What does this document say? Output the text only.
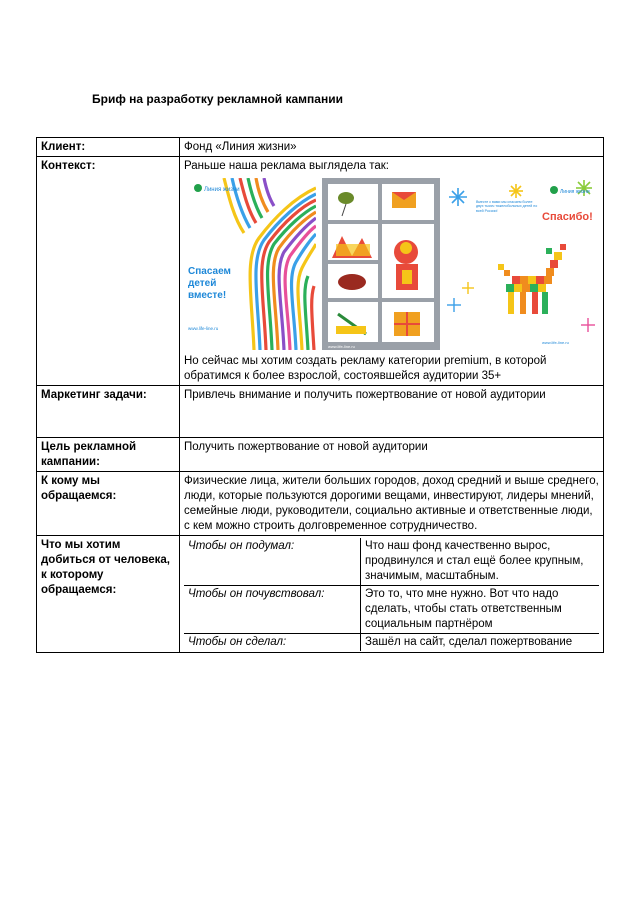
Бриф на разработку рекламной кампании
Клиент:	Фонд «Линия жизни»
Контекст:	Раньше наша реклама выглядела так:
Линия жизни
Спасаем
детей
вместе!
www.life-line.ru
www.life-line.ru
Линия жизни
Вместе с вами мы спасаем более двух тысяч тяжелобольных детей по всей России!
Спасибо!
www.life-line.ru
Но сейчас мы хотим создать рекламу категории premium, в которой обратимся к более взрослой, состоявшейся аудитории 35+

Маркетинг задачи:	Привлечь внимание и получить пожертвование от новой аудитории
Цель рекламной кампании:	Получить пожертвование от новой аудитории
К кому мы обращаемся:	Физические лица, жители больших городов, доход средний и выше среднего, люди, которые пользуются дорогими вещами, инвестируют, лидеры мнений, семейные люди, руководители, социально активные и ответственные люди, с кем можно строить долговременное сотрудничество.
Что мы хотим добиться от человека, к которому обращаемся:	
Чтобы он подумал:	Что наш фонд качественно вырос, продвинулся и стал ещё более крупным, значимым, масштабным.
Чтобы он почувствовал:	Это то, что мне нужно. Вот что надо сделать, чтобы стать ответственным социальным партнёром
Чтобы он сделал:	Зашёл на сайт, сделал пожертвование
